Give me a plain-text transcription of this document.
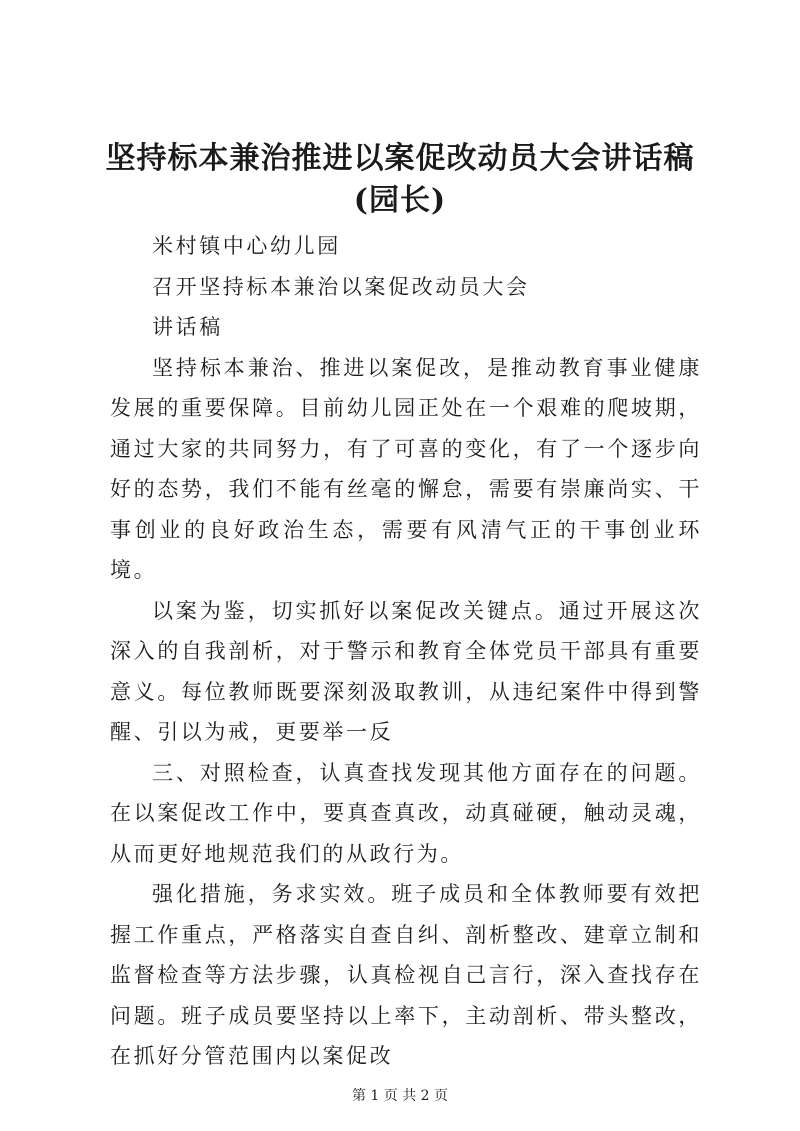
坚持标本兼治推进以案促改动员大会讲话稿
(园长)

米村镇中心幼儿园

召开坚持标本兼治以案促改动员大会

讲话稿

坚持标本兼治、推进以案促改，是推动教育事业健康发展的重要保障。目前幼儿园正处在一个艰难的爬坡期，通过大家的共同努力，有了可喜的变化，有了一个逐步向好的态势，我们不能有丝毫的懈怠，需要有崇廉尚实、干事创业的良好政治生态，需要有风清气正的干事创业环境。

以案为鉴，切实抓好以案促改关键点。通过开展这次深入的自我剖析，对于警示和教育全体党员干部具有重要意义。每位教师既要深刻汲取教训，从违纪案件中得到警醒、引以为戒，更要举一反

三、对照检查，认真查找发现其他方面存在的问题。在以案促改工作中，要真查真改，动真碰硬，触动灵魂，从而更好地规范我们的从政行为。

强化措施，务求实效。班子成员和全体教师要有效把握工作重点，严格落实自查自纠、剖析整改、建章立制和监督检查等方法步骤，认真检视自己言行，深入查找存在问题。班子成员要坚持以上率下，主动剖析、带头整改，在抓好分管范围内以案促改

第 1 页 共 2 页
